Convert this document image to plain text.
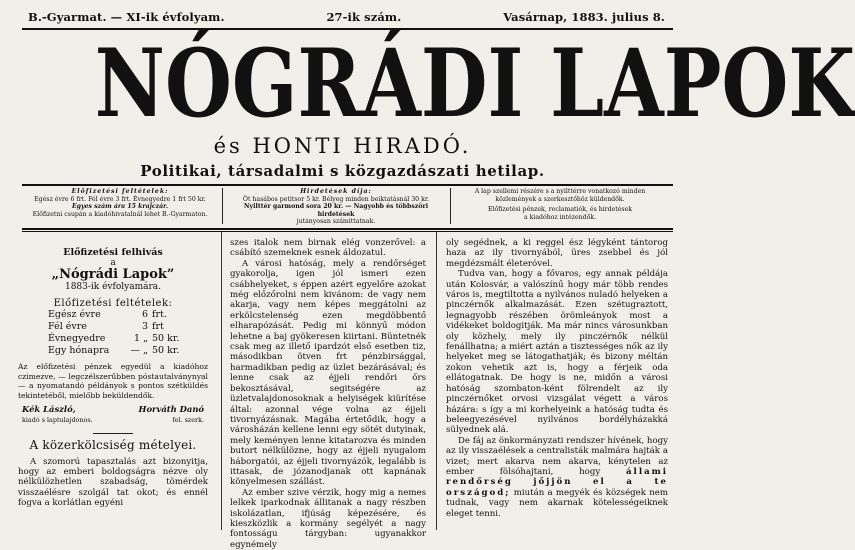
B.-Gyarmat. — XI-ik évfolyam.	27-ik szám.	Vasárnap, 1883. julius 8.
NÓGRÁDI LAPOK
és HONTI HIRADÓ.
Politikai, társadalmi s közgazdászati hetilap.
Előfizetési feltételek:
Egész évre 6 frt. Fél évre 3 frt. Évnegyedre 1 frt 50 kr.
Egyes szám ára 15 krajczár.
Előfizetni csupán a kiadóhivatalnál lehet B.-Gyarmaton.
Hirdetések díja:
Öt hasábos petitsor 5 kr. Bélyeg minden beiktatásnál 30 kr.
Nyilttér garmond sora 20 kr. — Nagyobb és többszöri hirdetések
jutányosan számittatnak.
A lap szellemi részére s a nyilttérre vonatkozó minden
közlemények a szerkesztőhöz küldendők.
Előfizetési pénzek, reclamatiók, és hirdetések
a kiadóhoz intézendők.
Előfizetési felhivás
a
„Nógrádi Lapok”
1883-ik évfolyamára.
Előfizetési feltételek:
Egész évre	6 frt.
Fél évre	3 frt
Évnegyedre	1 „ 50 kr.
Egy hónapra	— „ 50 kr.
Az előfizetési pénzek egyedül a kiadóhoz czimezve, — legczélszerűbben póstautalványnyal — a nyomatandó példányok s pontos szétküldés tekintetéből, mielőbb beküldendők.
Kék László,	Horváth Danó
kiadó s laptulajdonos.	fel. szerk.
A közerkölcsiség mételyei.

A szomorú tapasztalás azt bizonyitja, hogy az emberi boldogságra nézve oly nélkülözhetlen szabadság, tömérdek visszaélésre szolgál tat okot; és ennél fogva a korlátlan egyéni

szes italok nem birnak elég vonzerővel: a csábító szemeknek esnek áldozatul.

A városi hatóság, mely a rendőrséget gyakorolja, igen jól ismeri ezen csábhelyeket, s éppen azért egyelőre azokat még előzőrolni nem kivánom: de vagy nem akarja, vagy nem képes meggátolni az erkölcstelenség ezen megdöbbentő elharapózását. Pedig mi könnyű módon lehetne a baj gyökeresen kiirtani. Büntetnék csak meg az illető ipardzót első esetben tiz, másodikban ötven frt pénzbirsággal, harmadikban pedig az üzlet bezárásával; és lenne csak az éjjeli rendőri őrs bekosztásával, segitségére az üzletvalajdonosoknak a helyiségek kiürítése által: azonnal vége volna az éjjeli tivornyázásnak. Magába értetődik, hogy a városházán kellene lenni egy sötét dutyinak, mely keményen lenne kitatarozva és minden butort nélkülözne, hogy az éjjeli nyugalom háborgatói, az éjjeli tivornyázók, legalább is ittasak, de józanodjanak ott kapnának könyelmesen szállást.

Az ember szive vérzik, hogy mig a nemes lelkek iparkodnak állitanak a nagy részben iskolázatlan, ifjúság képezésére, és kieszközlik a kormány segélyét a nagy fontosságu tárgyban: ugyanakkor egynémely

oly segédnek, a ki reggel ész légyként tántorog haza az ily tivornyából, üres zsebbel és jól megdézsmált életeróvel.

Tudva van, hogy a fővaros, egy annak példája után Kolosvár, a valószínű hogy már több rendes város is, megtiltotta a nyilvános nuladó helyeken a pinczérnők alkalmazását. Ezen szétugraztott, legnagyobb részében örömleányok most a vidékeket boldogitják. Ma már nincs városunkban oly közhely, mely ily pinczérnők nélkül fenállhatna; a miért aztán a tisztességes nők az ily helyeket meg se látogathatják; és bizony méltán zokon vehetik azt is, hogy a férjeik oda ellátogatnak. De hogy is ne, midőn a városi hatóság szombaton-ként fölrendelt az ily pinczérnőket orvosi vizsgálat végett a város házára: s így a mi korhelyeink a hatóság tudta és beleegyezésével nyilvános bordélyházakká sülyednek alá.

De fáj az önkormányzati rendszer hívének, hogy az ily visszaélések a centralisták malmára hajták a vizet; mert akarva nem akarva, kénytelen az ember fölsóhajtani, hogy	állami rendőrség jőjjön el a te országod; miután a megyék és községek nem tudnak, vagy nem akarnak kötelességeiknek eleget tenni.
